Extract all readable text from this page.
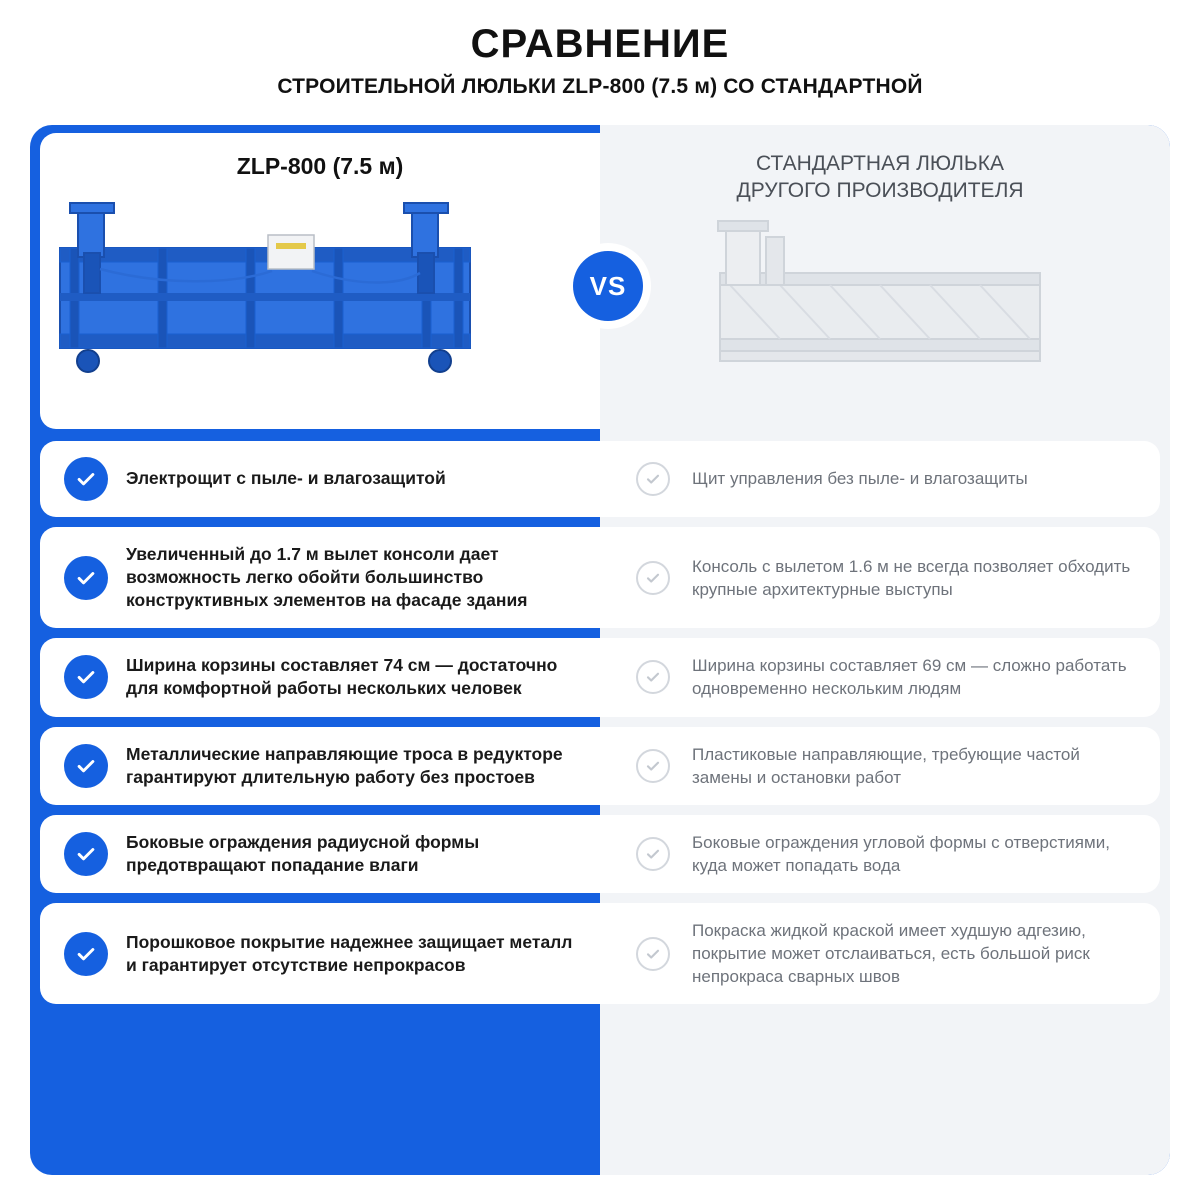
СРАВНЕНИЕ
СТРОИТЕЛЬНОЙ ЛЮЛЬКИ ZLP-800 (7.5 м) СО СТАНДАРТНОЙ
ZLP-800 (7.5 м)	СТАНДАРТНАЯ ЛЮЛЬКА
ДРУГОГО ПРОИЗВОДИТЕЛЯ
VS
Электрощит с пыле- и влагозащитой	Щит управления без пыле- и влагозащиты
Увеличенный до 1.7 м вылет консоли дает возможность легко обойти большинство конструктивных элементов на фасаде здания
Консоль с вылетом 1.6 м не всегда позволяет обходить крупные архитектурные выступы
Ширина корзины составляет 74 см — достаточно для комфортной работы нескольких человек
Ширина корзины составляет 69 см — сложно работать одновременно нескольким людям
Металлические направляющие троса в редукторе гарантируют длительную работу без простоев
Пластиковые направляющие, требующие частой замены и остановки работ
Боковые ограждения радиусной формы предотвращают попадание влаги
Боковые ограждения угловой формы с отверстиями, куда может попадать вода
Порошковое покрытие надежнее защищает металл и гарантирует отсутствие непрокрасов
Покраска жидкой краской имеет худшую адгезию, покрытие может отслаиваться, есть большой риск непрокраса сварных швов
